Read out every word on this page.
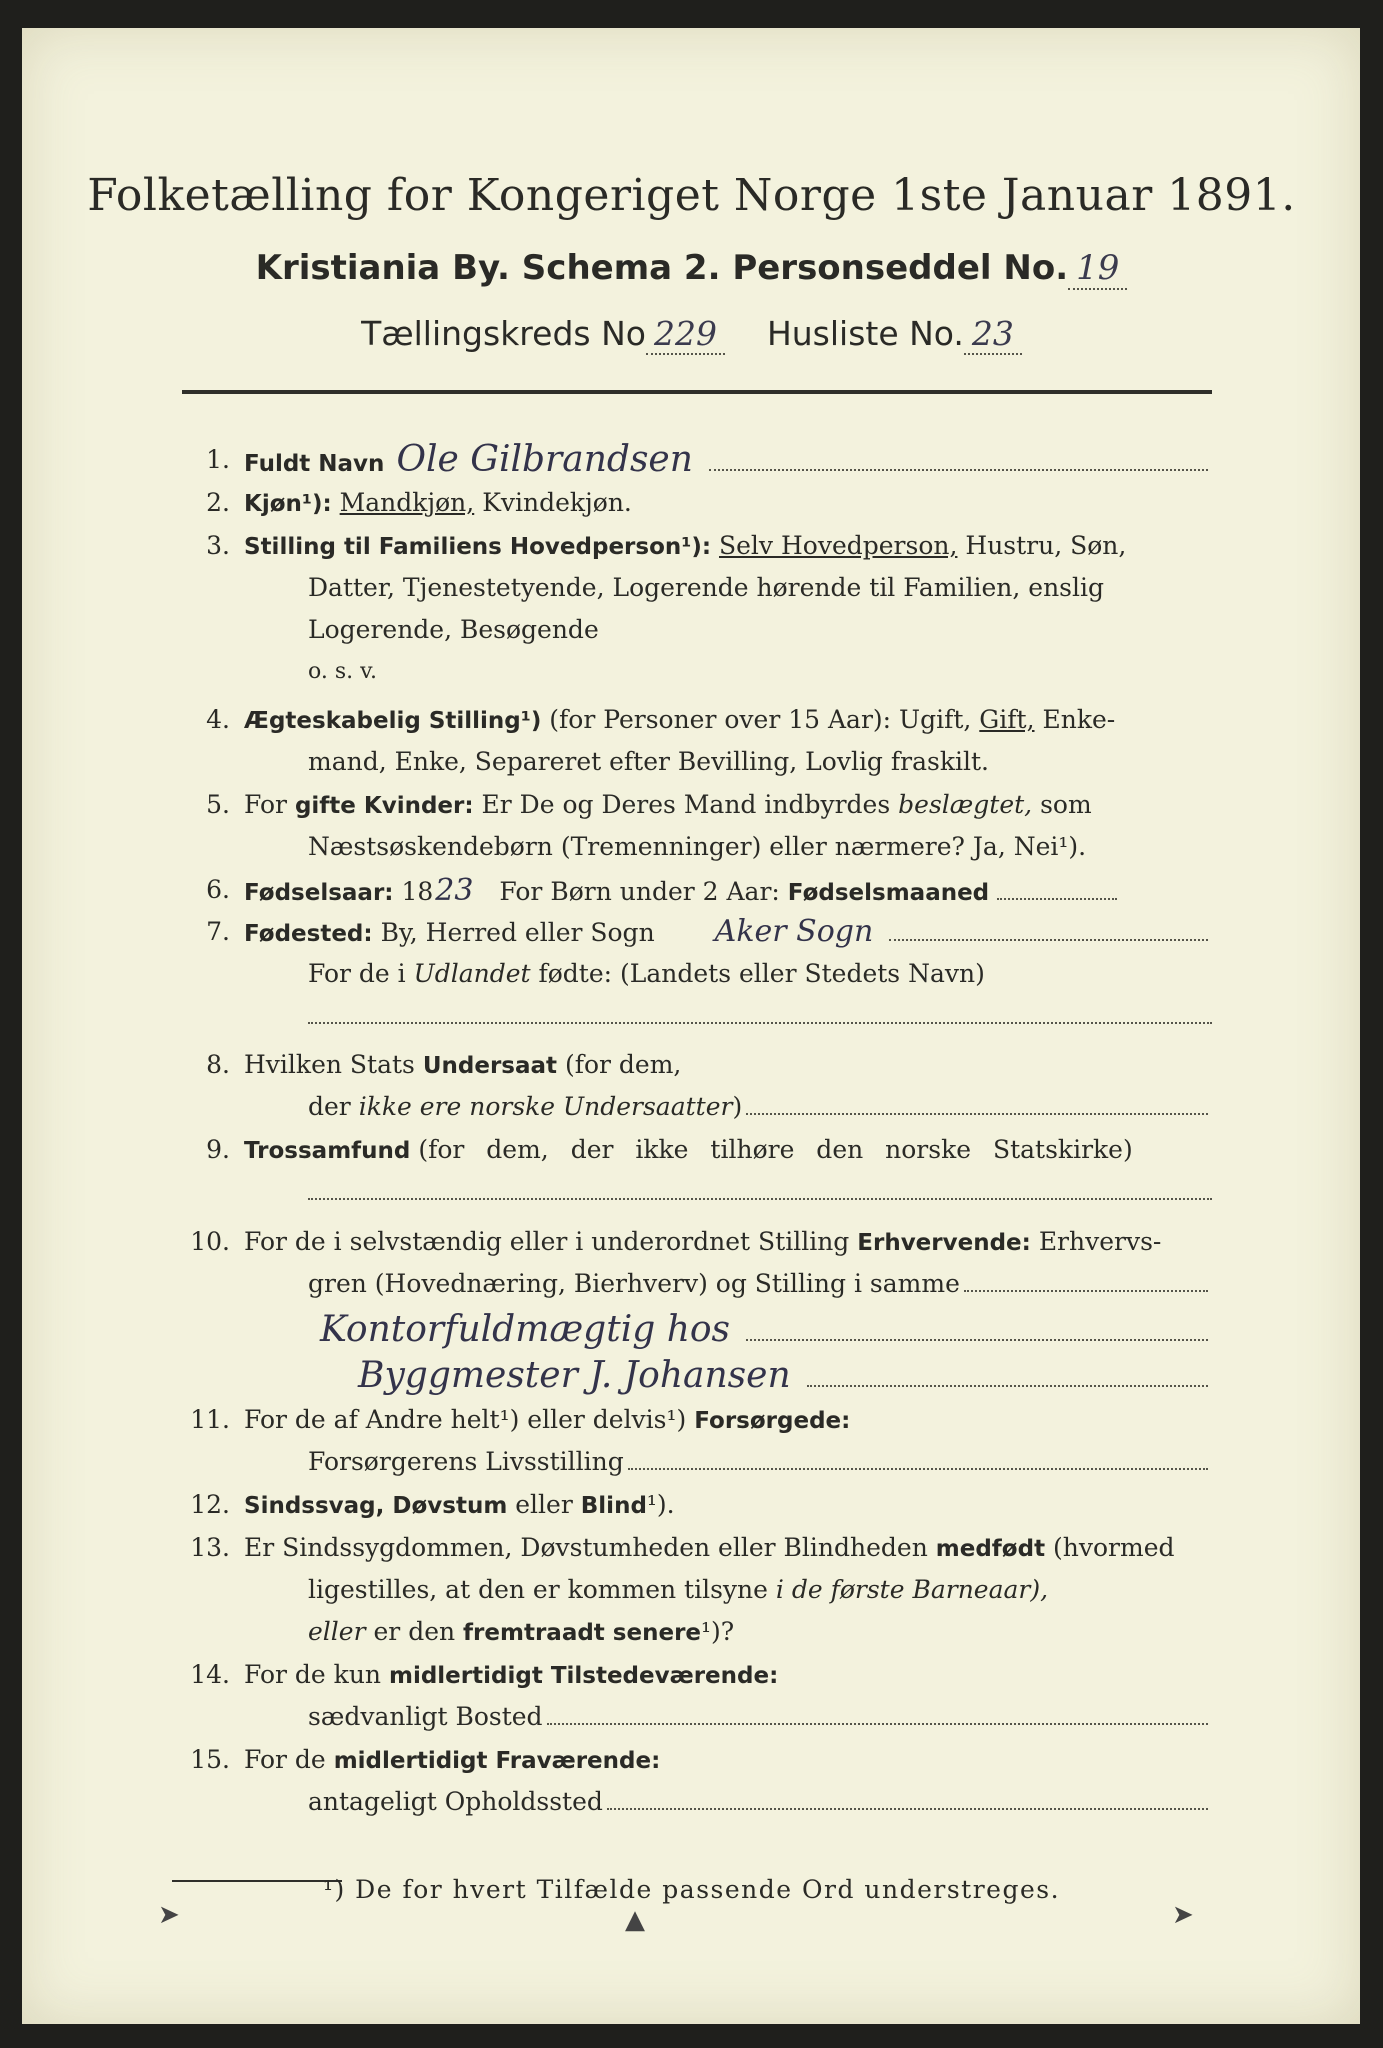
Folketælling for Kongeriget Norge 1ste Januar 1891.
Kristiania By. Schema 2. Personseddel No. 19
Tællingskreds No 229 Husliste No. 23
1. Fuldt Navn Ole Gilbrandsen
2. Kjøn¹): Mandkjøn, Kvindekjøn.
3. Stilling til Familiens Hovedperson¹): Selv Hovedperson, Hustru, Søn,
Datter, Tjenestetyende, Logerende hørende til Familien, enslig
Logerende, Besøgende
o. s. v.
4. Ægteskabelig Stilling¹) (for Personer over 15 Aar): Ugift, Gift, Enke-
mand, Enke, Separeret efter Bevilling, Lovlig fraskilt.
5. For gifte Kvinder: Er De og Deres Mand indbyrdes beslægtet, som
Næstsøskendebørn (Tremenninger) eller nærmere? Ja, Nei¹).
6. Fødselsaar: 1823 For Børn under 2 Aar: Fødselsmaaned
7. Fødested: By, Herred eller Sogn Aker Sogn
For de i Udlandet fødte: (Landets eller Stedets Navn)
8. Hvilken Stats Undersaat (for dem,
der
ikke ere norske Undersaatter )
9. Trossamfund (for dem, der ikke tilhøre den norske Statskirke)
10. For de i selvstændig eller i underordnet Stilling Erhvervende: Erhvervs-
gren (Hovednæring, Bierhverv) og Stilling i samme
Kontorfuldmægtig hos
Byggmester J. Johansen
11. For de af Andre helt¹) eller delvis¹) Forsørgede:
Forsørgerens Livsstilling
12. Sindssvag, Døvstum eller Blind¹).
13. Er Sindssygdommen, Døvstumheden eller Blindheden medfødt (hvormed
ligestilles, at den er kommen tilsyne i de første Barneaar),
eller er den fremtraadt senere¹)?
14. For de kun midlertidigt Tilstedeværende:
sædvanligt Bosted
15. For de midlertidigt Fraværende:
antageligt Opholdssted
¹) De for hvert Tilfælde passende Ord understreges.
➤	▲	➤
